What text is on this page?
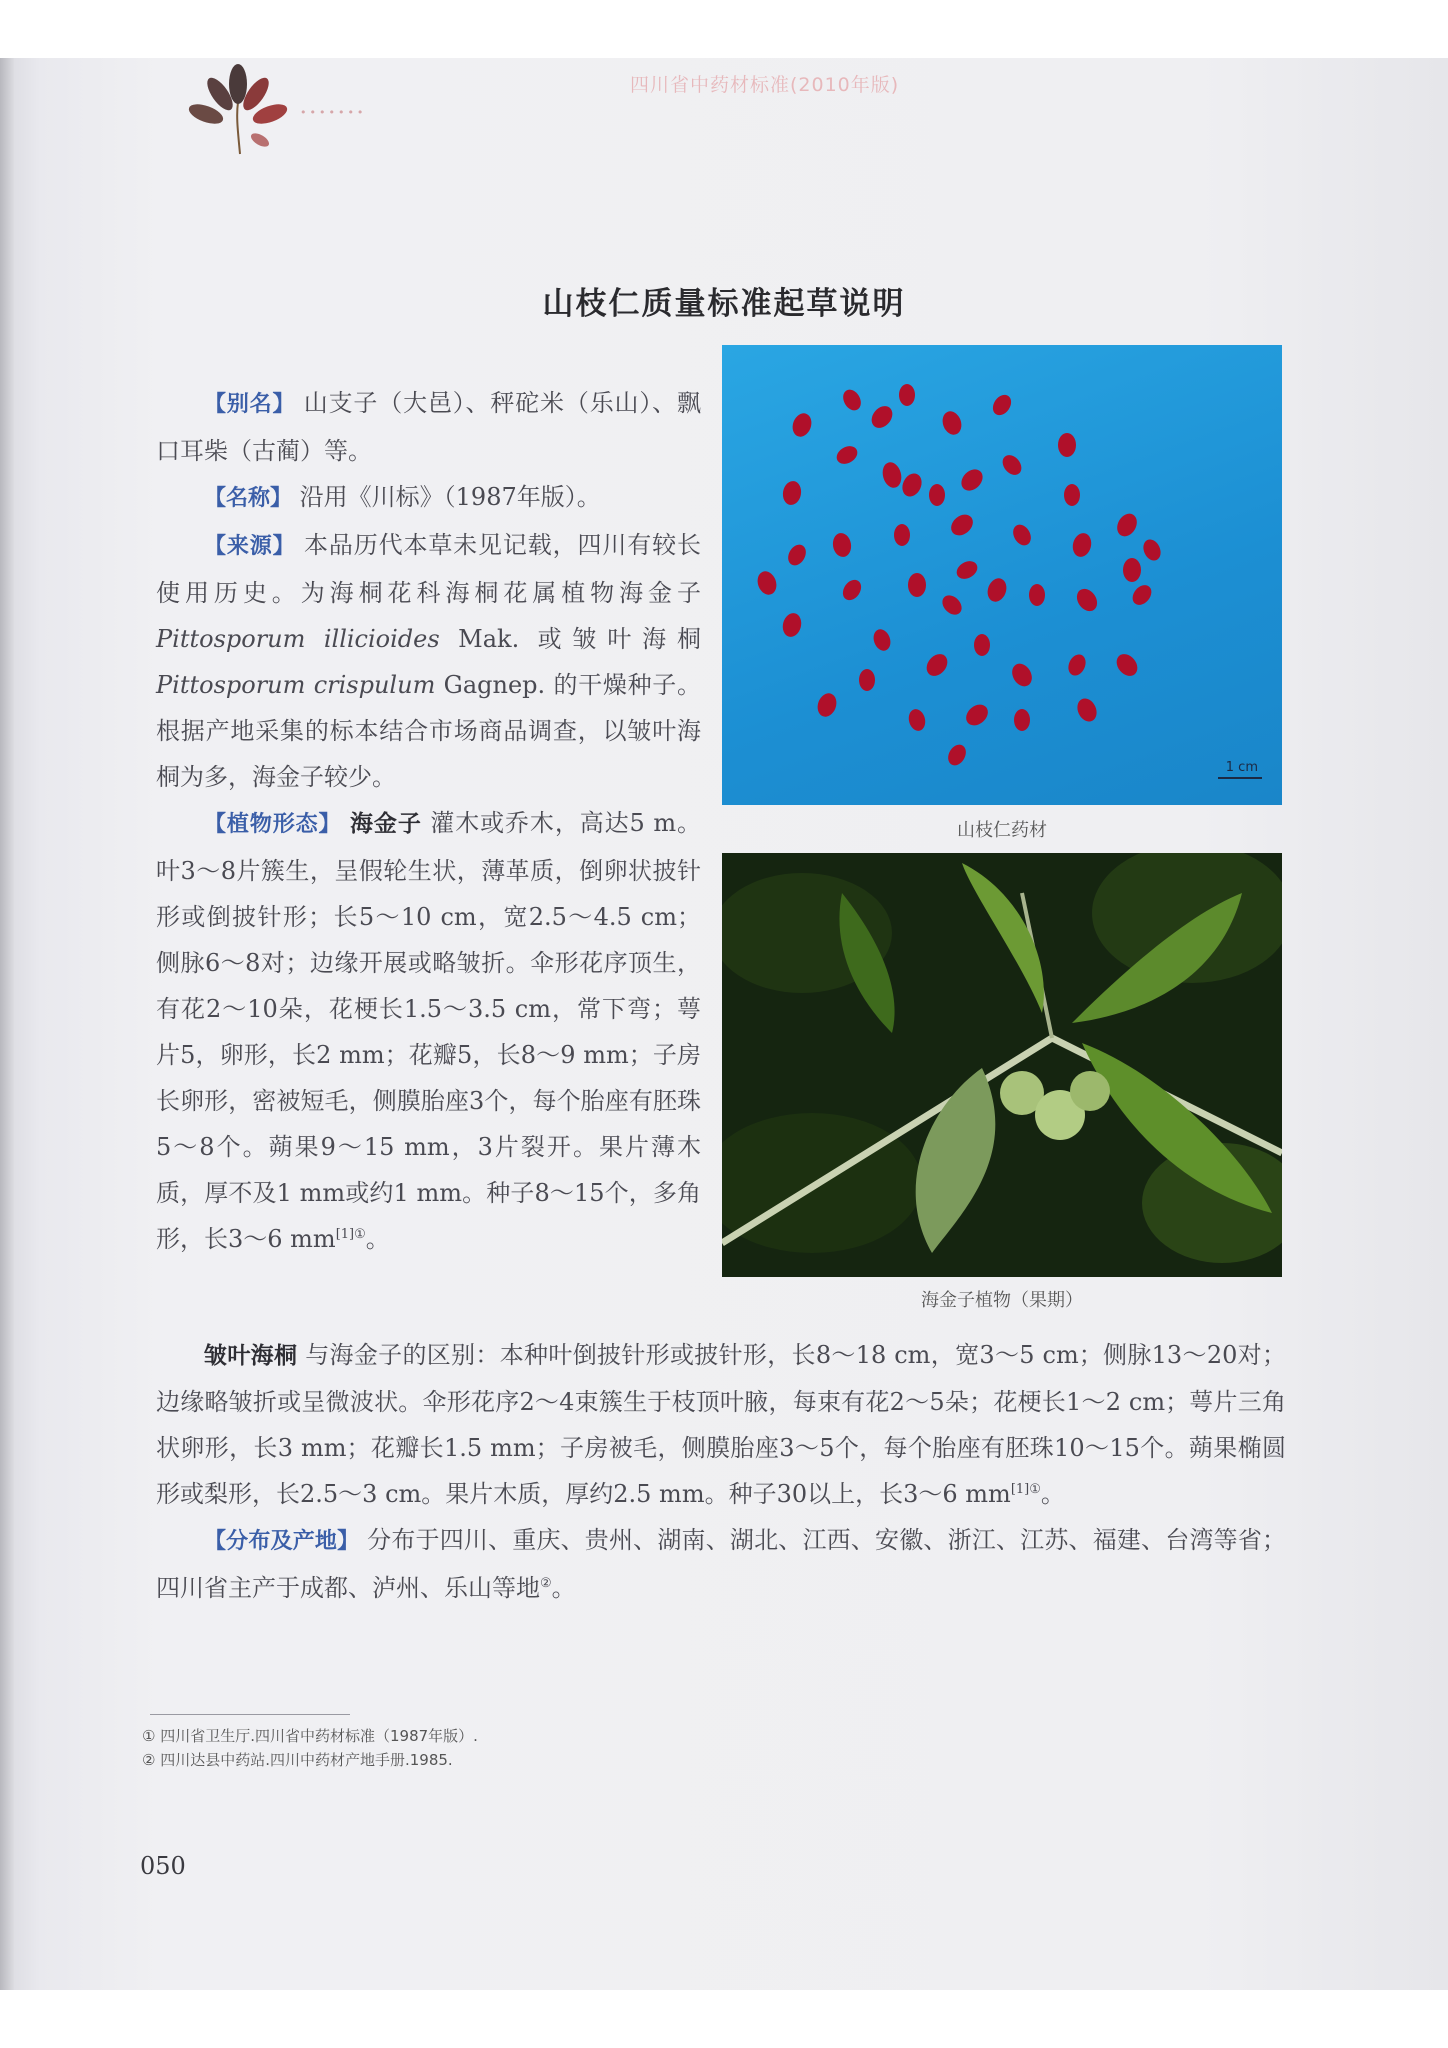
•••••••
四川省中药材标准(2010年版)
山枝仁质量标准起草说明

【别名】 山支子（大邑）、秤砣米（乐山）、飘口耳柴（古蔺）等。

【名称】 沿用《川标》（1987年版）。

【来源】 本品历代本草未见记载，四川有较长使用历史。为海桐花科海桐花属植物海金子 Pittosporum illicioides Mak. 或皱叶海桐 Pittosporum crispulum Gagnep. 的干燥种子。根据产地采集的标本结合市场商品调查，以皱叶海桐为多，海金子较少。

【植物形态】 海金子 灌木或乔木，高达5 m。叶3～8片簇生，呈假轮生状，薄革质，倒卵状披针形或倒披针形；长5～10 cm，宽2.5～4.5 cm；侧脉6～8对；边缘开展或略皱折。伞形花序顶生，有花2～10朵，花梗长1.5～3.5 cm，常下弯；萼片5，卵形，长2 mm；花瓣5，长8～9 mm；子房长卵形，密被短毛，侧膜胎座3个，每个胎座有胚珠5～8个。蒴果9～15 mm，3片裂开。果片薄木质，厚不及1 mm或约1 mm。种子8～15个，多角形，长3～6 $mm^{[1]①}$。

1 cm
山枝仁药材
海金子植物（果期）

皱叶海桐 与海金子的区别：本种叶倒披针形或披针形，长8～18 cm，宽3～5 cm；侧脉13～20对；边缘略皱折或呈微波状。伞形花序2～4束簇生于枝顶叶腋，每束有花2～5朵；花梗长1～2 cm；萼片三角状卵形，长3 mm；花瓣长1.5 mm；子房被毛，侧膜胎座3～5个，每个胎座有胚珠10～15个。蒴果椭圆形或梨形，长2.5～3 cm。果片木质，厚约2.5 mm。种子30以上，长3～6 $mm^{[1]①}$。

【分布及产地】 分布于四川、重庆、贵州、湖南、湖北、江西、安徽、浙江、江苏、福建、台湾等省；四川省主产于成都、泸州、乐山等地②。

① 四川省卫生厅.四川省中药材标准（1987年版）.
② 四川达县中药站.四川中药材产地手册.1985.
050
